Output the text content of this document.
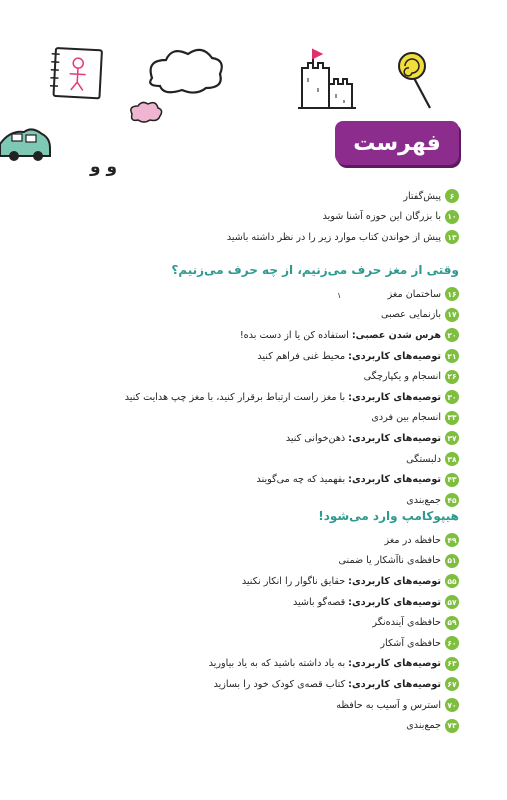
و و
فهرست
۱
۶
پیش‌گفتار
۱۰
با بزرگان این حوزه آشنا شوید
۱۳
پیش از خواندن کتاب موارد زیر را در نظر داشته باشید
وقتی از مغز حرف می‌زنیم، از چه حرف می‌زنیم؟
۱۶
ساختمان مغز
۱۷
بازنمایی عصبی
۲۰
هرس شدن عصبی:
استفاده کن یا از دست بده!
۲۱
توصیه‌های کاربردی:
محیط غنی فراهم کنید
۲۶
انسجام و یکپارچگی
۳۰
توصیه‌های کاربردی:
با مغز راست ارتباط برقرار کنید، با مغز چپ هدایت کنید
۳۳
انسجام بین فردی
۳۷
توصیه‌های کاربردی:
ذهن‌خوانی کنید
۳۸
دلبستگی
۴۳
توصیه‌های کاربردی:
بفهمید که چه می‌گویند
۴۵
جمع‌بندی
هیپوکامپ وارد می‌شود!
۴۹
حافظه در مغز
۵۱
حافظه‌ی ناآشکار یا ضمنی
۵۵
توصیه‌های کاربردی:
حقایق ناگوار را انکار نکنید
۵۷
توصیه‌های کاربردی:
قصه‌گو باشید
۵۹
حافظه‌ی آینده‌نگر
۶۰
حافظه‌ی آشکار
۶۳
توصیه‌های کاربردی:
به یاد داشته باشید که به یاد بیاورید
۶۷
توصیه‌های کاربردی:
کتاب قصه‌ی کودک خود را بسازید
۷۰
استرس و آسیب به حافظه
۷۳
جمع‌بندی
